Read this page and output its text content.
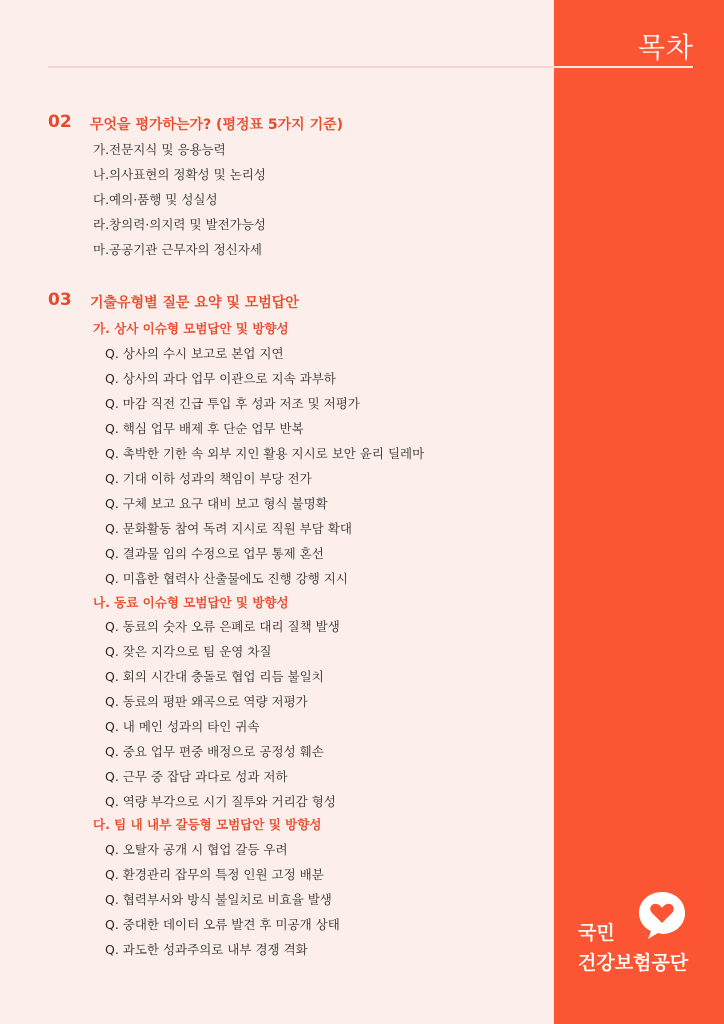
목차
02 무엇을 평가하는가? (평정표 5가지 기준)
가.전문지식 및 응용능력
나.의사표현의 정확성 및 논리성
다.예의·품행 및 성실성
라.창의력·의지력 및 발전가능성
마.공공기관 근무자의 정신자세
03 기출유형별 질문 요약 및 모범답안
가. 상사 이슈형 모범답안 및 방향성
Q. 상사의 수시 보고로 본업 지연
Q. 상사의 과다 업무 이관으로 지속 과부하
Q. 마감 직전 긴급 투입 후 성과 저조 및 저평가
Q. 핵심 업무 배제 후 단순 업무 반복
Q. 촉박한 기한 속 외부 지인 활용 지시로 보안 윤리 딜레마
Q. 기대 이하 성과의 책임이 부당 전가
Q. 구체 보고 요구 대비 보고 형식 불명확
Q. 문화활동 참여 독려 지시로 직원 부담 확대
Q. 결과물 임의 수정으로 업무 통제 혼선
Q. 미흡한 협력사 산출물에도 진행 강행 지시
나. 동료 이슈형 모범답안 및 방향성
Q. 동료의 숫자 오류 은폐로 대리 질책 발생
Q. 잦은 지각으로 팀 운영 차질
Q. 회의 시간대 충돌로 협업 리듬 불일치
Q. 동료의 평판 왜곡으로 역량 저평가
Q. 내 메인 성과의 타인 귀속
Q. 중요 업무 편중 배정으로 공정성 훼손
Q. 근무 중 잡담 과다로 성과 저하
Q. 역량 부각으로 시기 질투와 거리감 형성
다. 팀 내 내부 갈등형 모범답안 및 방향성
Q. 오탈자 공개 시 협업 갈등 우려
Q. 환경관리 잡무의 특정 인원 고정 배분
Q. 협력부서와 방식 불일치로 비효율 발생
Q. 중대한 데이터 오류 발견 후 미공개 상태
Q. 과도한 성과주의로 내부 경쟁 격화
국민
건강보험공단
